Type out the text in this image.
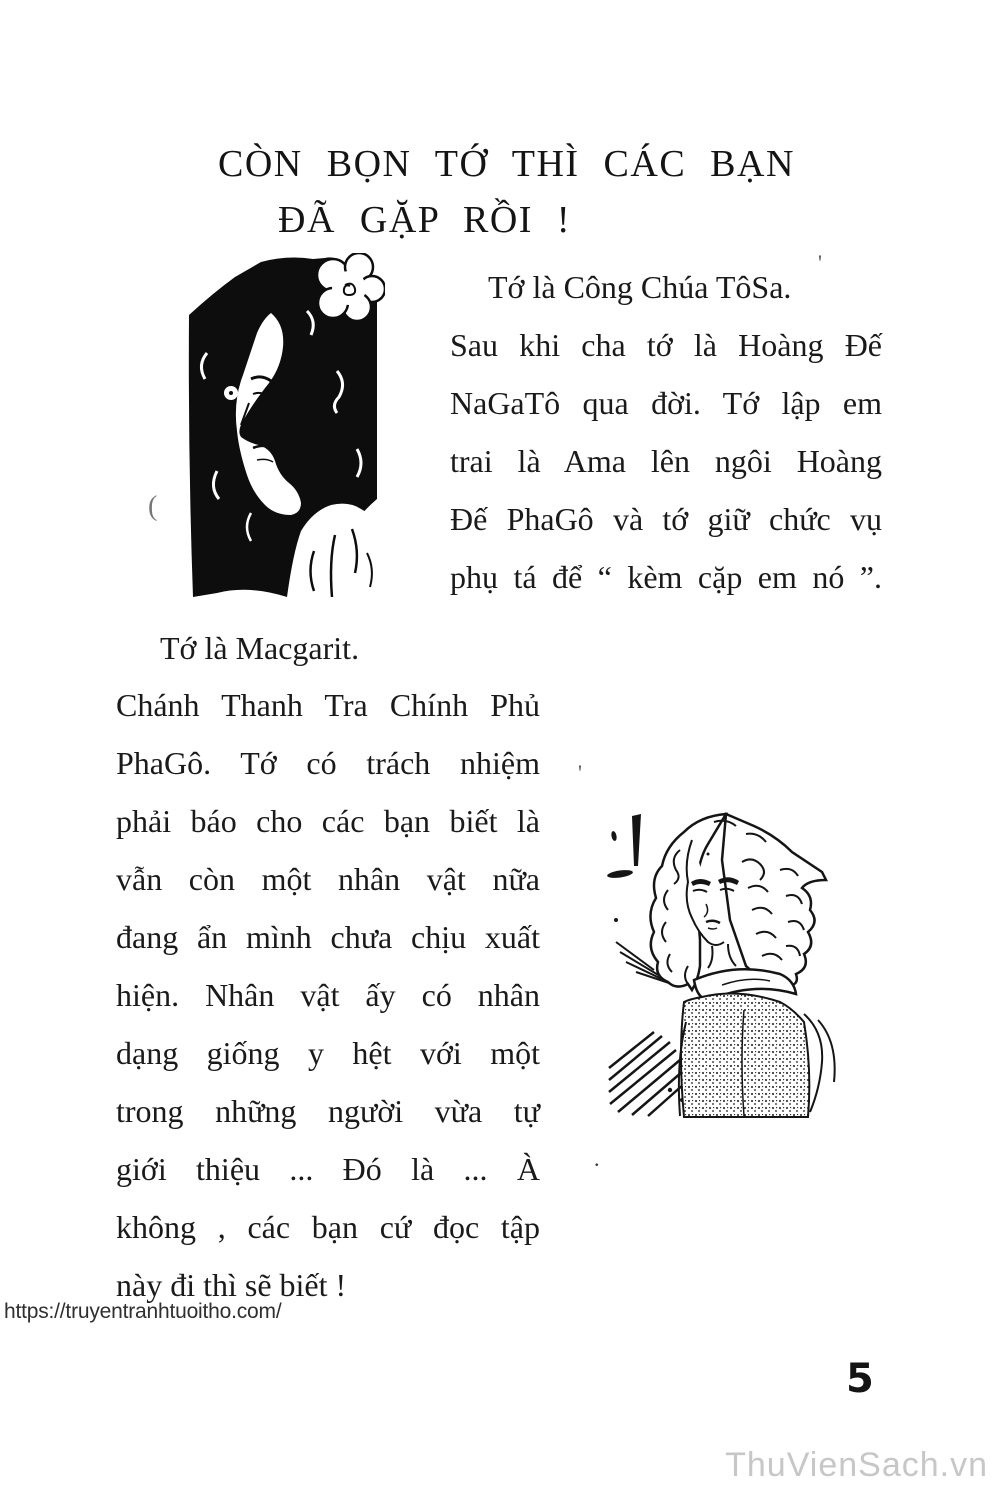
CÒN BỌN TỚ THÌ CÁC BẠN
ĐÃ GẶP RỒI !
Tớ là Công Chúa TôSa.
Sau khi cha tớ là Hoàng Đế
NaGaTô qua đời. Tớ lập em
trai là Ama lên ngôi Hoàng
Đế PhaGô và tớ giữ chức vụ
phụ tá để “ kèm cặp em nó ”.
Tớ là Macgarit.
Chánh Thanh Tra Chính Phủ
PhaGô. Tớ có trách nhiệm
phải báo cho các bạn biết là
vẫn còn một nhân vật nữa
đang ẩn mình chưa chịu xuất
hiện. Nhân vật ấy có nhân
dạng giống y hệt với một
trong những người vừa tự
giới thiệu ... Đó là ... À
không , các bạn cứ đọc tập
này đi thì sẽ biết !
'
(
'
.
https://truyentranhtuoitho.com/
5
ThuVienSach.vn
